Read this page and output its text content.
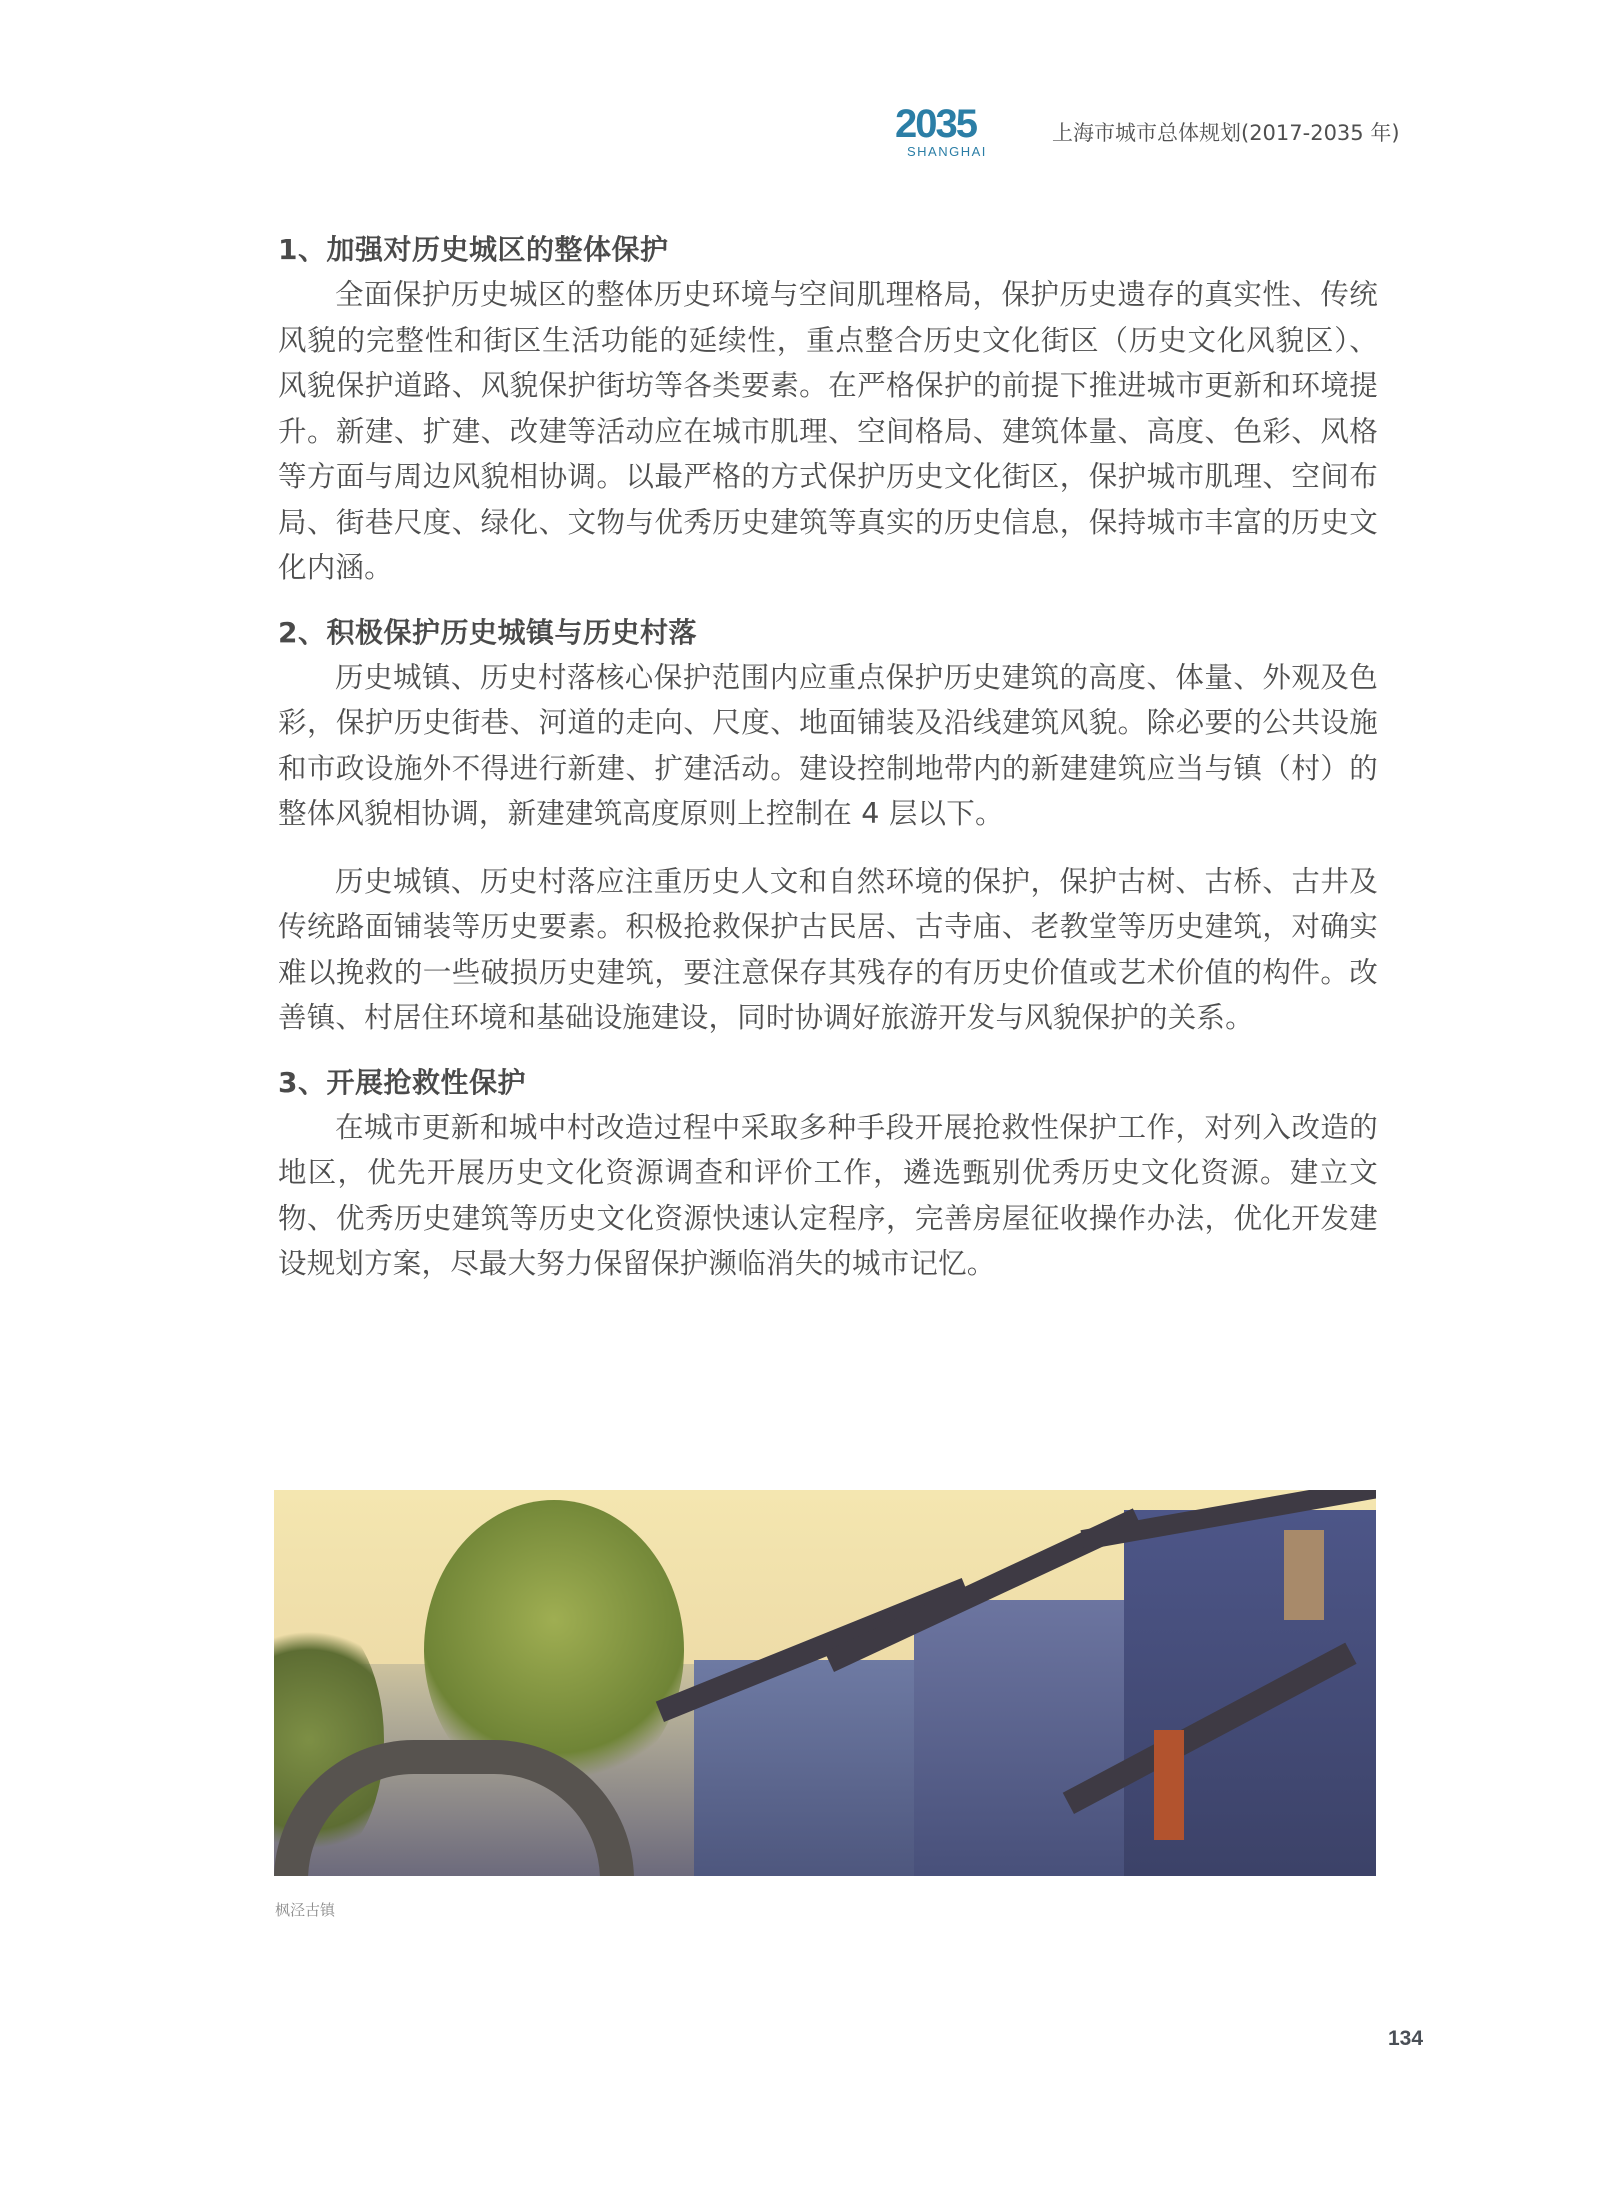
2035
SHANGHAI
上海市城市总体规划(2017-2035 年)
1、加强对历史城区的整体保护

全面保护历史城区的整体历史环境与空间肌理格局，保护历史遗存的真实性、传统风貌的完整性和街区生活功能的延续性，重点整合历史文化街区（历史文化风貌区）、风貌保护道路、风貌保护街坊等各类要素。在严格保护的前提下推进城市更新和环境提升。新建、扩建、改建等活动应在城市肌理、空间格局、建筑体量、高度、色彩、风格等方面与周边风貌相协调。以最严格的方式保护历史文化街区，保护城市肌理、空间布局、街巷尺度、绿化、文物与优秀历史建筑等真实的历史信息，保持城市丰富的历史文化内涵。

2、积极保护历史城镇与历史村落

历史城镇、历史村落核心保护范围内应重点保护历史建筑的高度、体量、外观及色彩，保护历史街巷、河道的走向、尺度、地面铺装及沿线建筑风貌。除必要的公共设施和市政设施外不得进行新建、扩建活动。建设控制地带内的新建建筑应当与镇（村）的整体风貌相协调，新建建筑高度原则上控制在 4 层以下。

历史城镇、历史村落应注重历史人文和自然环境的保护，保护古树、古桥、古井及传统路面铺装等历史要素。积极抢救保护古民居、古寺庙、老教堂等历史建筑，对确实难以挽救的一些破损历史建筑，要注意保存其残存的有历史价值或艺术价值的构件。改善镇、村居住环境和基础设施建设，同时协调好旅游开发与风貌保护的关系。

3、开展抢救性保护

在城市更新和城中村改造过程中采取多种手段开展抢救性保护工作，对列入改造的地区，优先开展历史文化资源调查和评价工作，遴选甄别优秀历史文化资源。建立文物、优秀历史建筑等历史文化资源快速认定程序，完善房屋征收操作办法，优化开发建设规划方案，尽最大努力保留保护濒临消失的城市记忆。

枫泾古镇
134
